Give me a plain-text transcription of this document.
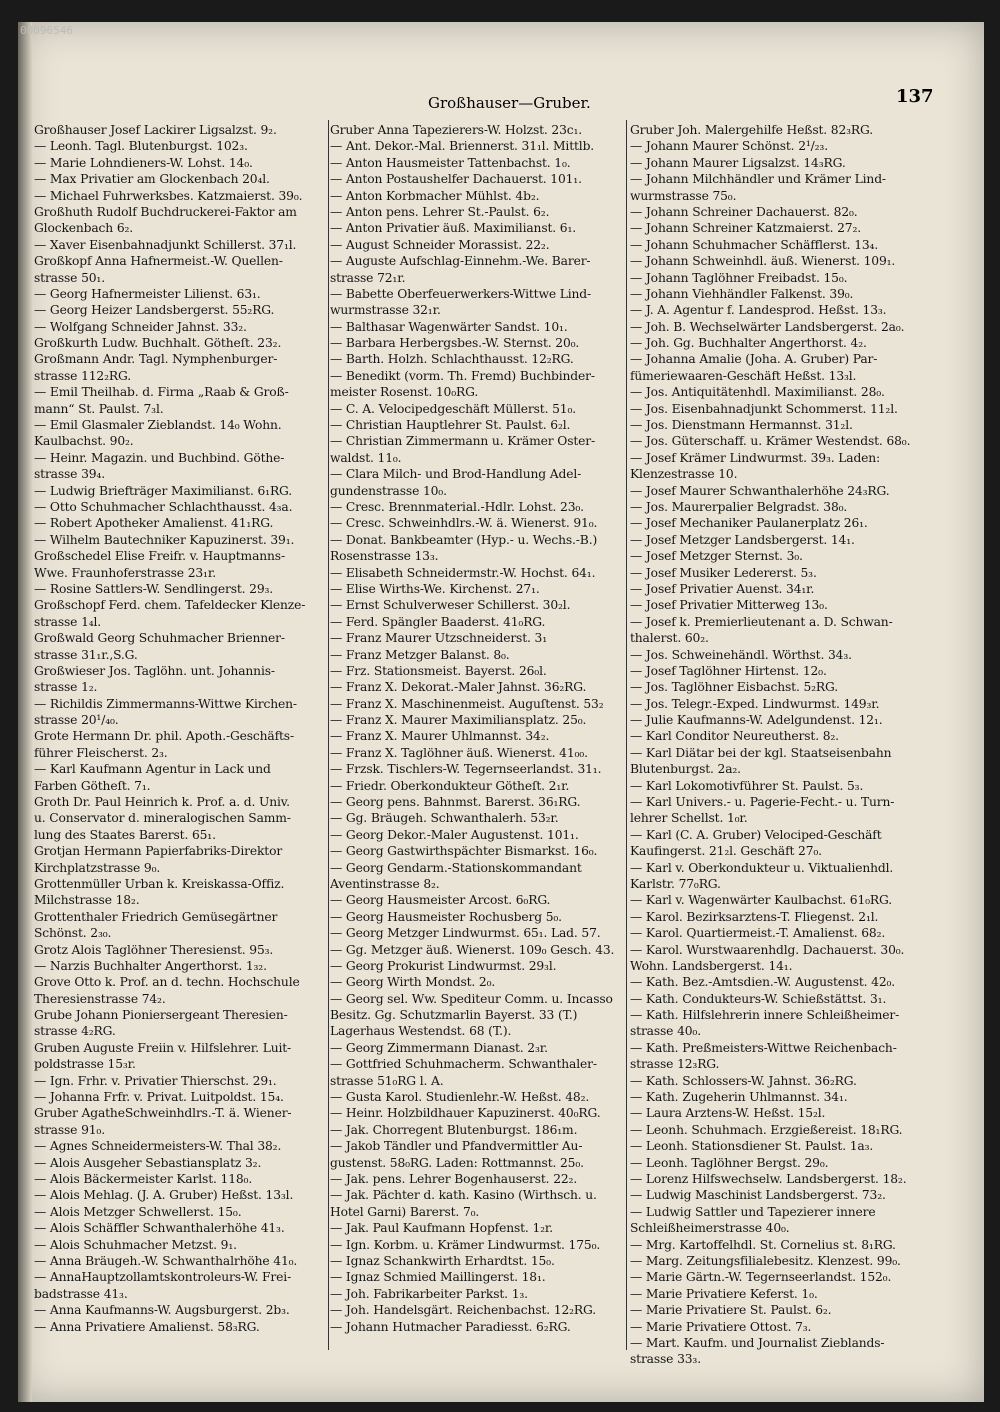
00096546
Großhauser—Gruber.	137
Großhauser Josef Lackirer Ligsalzst. 9₂.
— Leonh. Tagl. Blutenburgst. 102₃.
— Marie Lohndieners-W. Lohst. 14₀.
— Max Privatier am Glockenbach 20₄l.
— Michael Fuhrwerksbes. Katzmaierst. 39₀.
Großhuth Rudolf Buchdruckerei-Faktor am
Glockenbach 6₂.
— Xaver Eisenbahnadjunkt Schillerst. 37₁l.
Großkopf Anna Hafnermeist.-W. Quellen-
strasse 50₁.
— Georg Hafnermeister Lilienst. 63₁.
— Georg Heizer Landsbergerst. 55₂RG.
— Wolfgang Schneider Jahnst. 33₂.
Großkurth Ludw. Buchhalt. Götheſt. 23₂.
Großmann Andr. Tagl. Nymphenburger-
strasse 112₂RG.
— Emil Theilhab. d. Firma „Raab & Groß-
mann“ St. Paulst. 7₃l.
— Emil Glasmaler Zieblandst. 14₀ Wohn.
Kaulbachst. 90₂.
— Heinr. Magazin. und Buchbind. Göthe-
strasse 39₄.
— Ludwig Briefträger Maximilianst. 6₁RG.
— Otto Schuhmacher Schlachthausst. 4₃a.
— Robert Apotheker Amalienst. 41₁RG.
— Wilhelm Bautechniker Kapuzinerst. 39₁.
Großschedel Elise Freifr. v. Hauptmanns-
Wwe. Fraunhoferstrasse 23₁r.
— Rosine Sattlers-W. Sendlingerst. 29₃.
Großschopf Ferd. chem. Tafeldecker Klenze-
strasse 1₄l.
Großwald Georg Schuhmacher Brienner-
strasse 31₁r.,S.G.
Großwieser Jos. Taglöhn. unt. Johannis-
strasse 1₂.
— Richildis Zimmermanns-Wittwe Kirchen-
strasse 20¹/₄₀.
Grote Hermann Dr. phil. Apoth.-Geschäfts-
führer Fleischerst. 2₃.
— Karl Kaufmann Agentur in Lack und
Farben Götheſt. 7₁.
Groth Dr. Paul Heinrich k. Prof. a. d. Univ.
u. Conservator d. mineralogischen Samm-
lung des Staates Barerst. 65₁.
Grotjan Hermann Papierfabriks-Direktor
Kirchplatzstrasse 9₀.
Grottenmüller Urban k. Kreiskassa-Offiz.
Milchstrasse 18₂.
Grottenthaler Friedrich Gemüsegärtner
Schönst. 2₃₀.
Grotz Alois Taglöhner Theresienst. 95₃.
— Narzis Buchhalter Angerthorst. 1₃₂.
Grove Otto k. Prof. an d. techn. Hochschule
Theresienstrasse 74₂.
Grube Johann Pioniersergeant Theresien-
strasse 4₂RG.
Gruben Auguste Freiin v. Hilfslehrer. Luit-
poldstrasse 15₃r.
— Ign. Frhr. v. Privatier Thierschst. 29₁.
— Johanna Frfr. v. Privat. Luitpoldst. 15₄.
Gruber AgatheSchweinhdlrs.-T. ä. Wiener-
strasse 91₀.
— Agnes Schneidermeisters-W. Thal 38₂.
— Alois Ausgeher Sebastiansplatz 3₂.
— Alois Bäckermeister Karlst. 118₀.
— Alois Mehlag. (J. A. Gruber) Heßst. 13₃l.
— Alois Metzger Schwellerst. 15₀.
— Alois Schäffler Schwanthalerhöhe 41₃.
— Alois Schuhmacher Metzst. 9₁.
— Anna Bräugeh.-W. Schwanthalrhöhe 41₀.
— AnnaHauptzollamtskontroleurs-W. Frei-
badstrasse 41₃.
— Anna Kaufmanns-W. Augsburgerst. 2b₃.
— Anna Privatiere Amalienst. 58₃RG.
Gruber Anna Tapezierers-W. Holzst. 23c₁.
— Ant. Dekor.-Mal. Briennerst. 31₁l. Mittlb.
— Anton Hausmeister Tattenbachst. 1₀.
— Anton Postaushelfer Dachauerst. 101₁.
— Anton Korbmacher Mühlst. 4b₂.
— Anton pens. Lehrer St.-Paulst. 6₂.
— Anton Privatier äuß. Maximilianst. 6₁.
— August Schneider Morassist. 22₂.
— Auguste Aufschlag-Einnehm.-We. Barer-
strasse 72₁r.
— Babette Oberfeuerwerkers-Wittwe Lind-
wurmstrasse 32₁r.
— Balthasar Wagenwärter Sandst. 10₁.
— Barbara Herbergsbes.-W. Sternst. 20₀.
— Barth. Holzh. Schlachthausst. 12₂RG.
— Benedikt (vorm. Th. Fremd) Buchbinder-
meister Rosenst. 10₀RG.
— C. A. Velocipedgeschäft Müllerst. 51₀.
— Christian Hauptlehrer St. Paulst. 6₂l.
— Christian Zimmermann u. Krämer Oster-
waldst. 11₀.
— Clara Milch- und Brod-Handlung Adel-
gundenstrasse 10₀.
— Cresc. Brennmaterial.-Hdlr. Lohst. 23₀.
— Cresc. Schweinhdlrs.-W. ä. Wienerst. 91₀.
— Donat. Bankbeamter (Hyp.- u. Wechs.-B.)
Rosenstrasse 13₃.
— Elisabeth Schneidermstr.-W. Hochst. 64₁.
— Elise Wirths-We. Kirchenst. 27₁.
— Ernst Schulverweser Schillerst. 30₂l.
— Ferd. Spängler Baaderst. 41₀RG.
— Franz Maurer Utzschneiderst. 3₁
— Franz Metzger Balanst. 8₀.
— Frz. Stationsmeist. Bayerst. 26₀l.
— Franz X. Dekorat.-Maler Jahnst. 36₂RG.
— Franz X. Maschinenmeist. Auguſtenst. 53₂
— Franz X. Maurer Maximiliansplatz. 25₀.
— Franz X. Maurer Uhlmannst. 34₂.
— Franz X. Taglöhner äuß. Wienerst. 41₀₀.
— Frzsk. Tischlers-W. Tegernseerlandst. 31₁.
— Friedr. Oberkondukteur Götheſt. 2₁r.
— Georg pens. Bahnmst. Barerst. 36₁RG.
— Gg. Bräugeh. Schwanthalerh. 53₂r.
— Georg Dekor.-Maler Augustenst. 101₁.
— Georg Gastwirthspächter Bismarkst. 16₀.
— Georg Gendarm.-Stationskommandant
Aventinstrasse 8₂.
— Georg Hausmeister Arcost. 6₀RG.
— Georg Hausmeister Rochusberg 5₀.
— Georg Metzger Lindwurmst. 65₁. Lad. 57.
— Gg. Metzger äuß. Wienerst. 109₀ Gesch. 43.
— Georg Prokurist Lindwurmst. 29₃l.
— Georg Wirth Mondst. 2₀.
— Georg sel. Ww. Spediteur Comm. u. Incasso
Besitz. Gg. Schutzmarlin Bayerst. 33 (T.)
Lagerhaus Westendst. 68 (T.).
— Georg Zimmermann Dianast. 2₃r.
— Gottfried Schuhmacherm. Schwanthaler-
strasse 51₀RG l. A.
— Gusta Karol. Studienlehr.-W. Heßst. 48₂.
— Heinr. Holzbildhauer Kapuzinerst. 40₀RG.
— Jak. Chorregent Blutenburgst. 186₁m.
— Jakob Tändler und Pfandvermittler Au-
gustenst. 58₀RG. Laden: Rottmannst. 25₀.
— Jak. pens. Lehrer Bogenhauserst. 22₂.
— Jak. Pächter d. kath. Kasino (Wirthsch. u.
Hotel Garni) Barerst. 7₀.
— Jak. Paul Kaufmann Hopfenst. 1₂r.
— Ign. Korbm. u. Krämer Lindwurmst. 175₀.
— Ignaz Schankwirth Erhardtst. 15₀.
— Ignaz Schmied Maillingerst. 18₁.
— Joh. Fabrikarbeiter Parkst. 1₃.
— Joh. Handelsgärt. Reichenbachst. 12₂RG.
— Johann Hutmacher Paradiesst. 6₂RG.
Gruber Joh. Malergehilfe Heßst. 82₃RG.
— Johann Maurer Schönst. 2¹/₂₃.
— Johann Maurer Ligsalzst. 14₃RG.
— Johann Milchhändler und Krämer Lind-
wurmstrasse 75₀.
— Johann Schreiner Dachauerst. 82₀.
— Johann Schreiner Katzmaierst. 27₂.
— Johann Schuhmacher Schäfflerst. 13₄.
— Johann Schweinhdl. äuß. Wienerst. 109₁.
— Johann Taglöhner Freibadst. 15₀.
— Johann Viehhändler Falkenst. 39₀.
— J. A. Agentur f. Landesprod. Heßst. 13₃.
— Joh. B. Wechselwärter Landsbergerst. 2a₀.
— Joh. Gg. Buchhalter Angerthorst. 4₂.
— Johanna Amalie (Joha. A. Gruber) Par-
fümeriewaaren-Geschäft Heßst. 13₃l.
— Jos. Antiquitätenhdl. Maximilianst. 28₀.
— Jos. Eisenbahnadjunkt Schommerst. 11₂l.
— Jos. Dienstmann Hermannst. 31₂l.
— Jos. Güterschaff. u. Krämer Westendst. 68₀.
— Josef Krämer Lindwurmst. 39₃. Laden:
Klenzestrasse 10.
— Josef Maurer Schwanthalerhöhe 24₃RG.
— Jos. Maurerpalier Belgradst. 38₀.
— Josef Mechaniker Paulanerplatz 26₁.
— Josef Metzger Landsbergerst. 14₁.
— Josef Metzger Sternst. 3₀.
— Josef Musiker Ledererst. 5₃.
— Josef Privatier Auenst. 34₁r.
— Josef Privatier Mitterweg 13₀.
— Josef k. Premierlieutenant a. D. Schwan-
thalerst. 60₂.
— Jos. Schweinehändl. Wörthst. 34₃.
— Josef Taglöhner Hirtenst. 12₀.
— Jos. Taglöhner Eisbachst. 5₂RG.
— Jos. Telegr.-Exped. Lindwurmst. 149₃r.
— Julie Kaufmanns-W. Adelgundenst. 12₁.
— Karl Conditor Neureutherst. 8₂.
— Karl Diätar bei der kgl. Staatseisenbahn
Blutenburgst. 2a₂.
— Karl Lokomotivführer St. Paulst. 5₃.
— Karl Univers.- u. Pagerie-Fecht.- u. Turn-
lehrer Schellst. 1₀r.
— Karl (C. A. Gruber) Velociped-Geschäft
Kaufingerst. 21₂l. Geschäft 27₀.
— Karl v. Oberkondukteur u. Viktualienhdl.
Karlstr. 77₀RG.
— Karl v. Wagenwärter Kaulbachst. 61₀RG.
— Karol. Bezirksarztens-T. Fliegenst. 2₁l.
— Karol. Quartiermeist.-T. Amalienst. 68₂.
— Karol. Wurstwaarenhdlg. Dachauerst. 30₀.
Wohn. Landsbergerst. 14₁.
— Kath. Bez.-Amtsdien.-W. Augustenst. 42₀.
— Kath. Condukteurs-W. Schießstättst. 3₁.
— Kath. Hilfslehrerin innere Schleißheimer-
strasse 40₀.
— Kath. Preßmeisters-Wittwe Reichenbach-
strasse 12₃RG.
— Kath. Schlossers-W. Jahnst. 36₂RG.
— Kath. Zugeherin Uhlmannst. 34₁.
— Laura Arztens-W. Heßst. 15₂l.
— Leonh. Schuhmach. Erzgießereist. 18₁RG.
— Leonh. Stationsdiener St. Paulst. 1a₃.
— Leonh. Taglöhner Bergst. 29₀.
— Lorenz Hilfswechselw. Landsbergerst. 18₂.
— Ludwig Maschinist Landsbergerst. 73₂.
— Ludwig Sattler und Tapezierer innere
Schleißheimerstrasse 40₀.
— Mrg. Kartoffelhdl. St. Cornelius st. 8₁RG.
— Marg. Zeitungsfilialebesitz. Klenzest. 99₀.
— Marie Gärtn.-W. Tegernseerlandst. 152₀.
— Marie Privatiere Keferst. 1₀.
— Marie Privatiere St. Paulst. 6₂.
— Marie Privatiere Ottost. 7₃.
— Mart. Kaufm. und Journalist Zieblands-
strasse 33₃.
